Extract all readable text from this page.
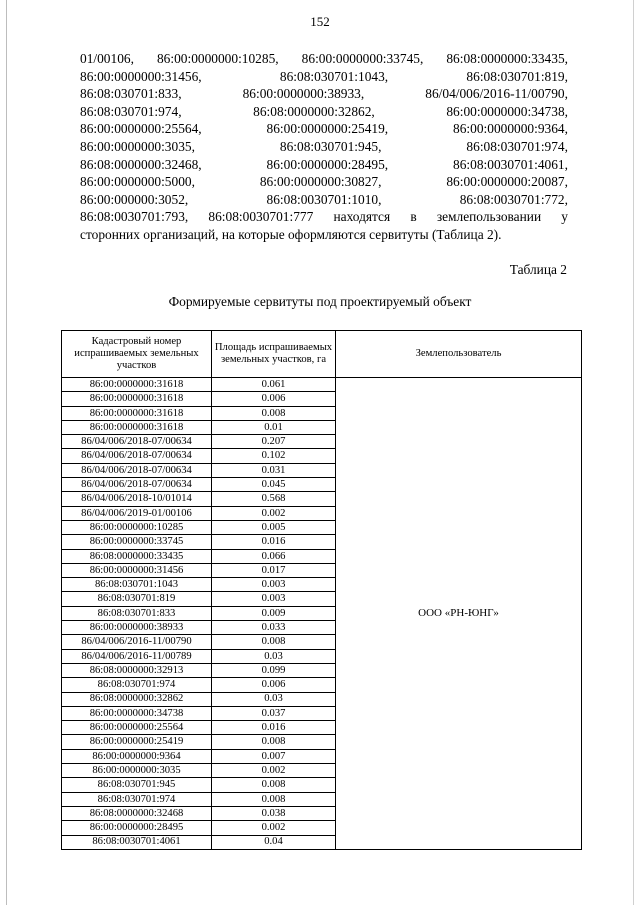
152
01/00106, 86:00:0000000:10285, 86:00:0000000:33745, 86:08:0000000:33435,
86:00:0000000:31456,	86:08:030701:1043,	86:08:030701:819,
86:08:030701:833,	86:00:0000000:38933,	86/04/006/2016-11/00790,
86:08:030701:974,	86:08:0000000:32862,	86:00:0000000:34738,
86:00:0000000:25564,	86:00:0000000:25419,	86:00:0000000:9364,
86:00:0000000:3035,	86:08:030701:945,	86:08:030701:974,
86:08:0000000:32468,	86:00:0000000:28495,	86:08:0030701:4061,
86:00:0000000:5000,	86:00:0000000:30827,	86:00:0000000:20087,
86:00:000000:3052,	86:08:0030701:1010,	86:08:0030701:772,
86:08:0030701:793, 86:08:0030701:777 находятся в землепользовании у
сторонних организаций, на которые оформляются сервитуты (Таблица 2).
Таблица 2
Формируемые сервитуты под проектируемый объект
Кадастровый номер испрашиваемых земельных участков	Площадь испрашиваемых земельных участков, га	Землепользователь
86:00:0000000:31618	0.061	ООО «РН-ЮНГ»
86:00:0000000:31618	0.006	
86:00:0000000:31618	0.008	
86:00:0000000:31618	0.01	
86/04/006/2018-07/00634	0.207	
86/04/006/2018-07/00634	0.102	
86/04/006/2018-07/00634	0.031	
86/04/006/2018-07/00634	0.045	
86/04/006/2018-10/01014	0.568	
86/04/006/2019-01/00106	0.002	
86:00:0000000:10285	0.005	
86:00:0000000:33745	0.016	
86:08:0000000:33435	0.066	
86:00:0000000:31456	0.017	
86:08:030701:1043	0.003	
86:08:030701:819	0.003	
86:08:030701:833	0.009	
86:00:0000000:38933	0.033	
86/04/006/2016-11/00790	0.008	
86/04/006/2016-11/00789	0.03	
86:08:0000000:32913	0.099	
86:08:030701:974	0.006	
86:08:0000000:32862	0.03	
86:00:0000000:34738	0.037	
86:00:0000000:25564	0.016	
86:00:0000000:25419	0.008	
86:00:0000000:9364	0.007	
86:00:0000000:3035	0.002	
86:08:030701:945	0.008	
86:08:030701:974	0.008	
86:08:0000000:32468	0.038	
86:00:0000000:28495	0.002	
86:08:0030701:4061	0.04	
